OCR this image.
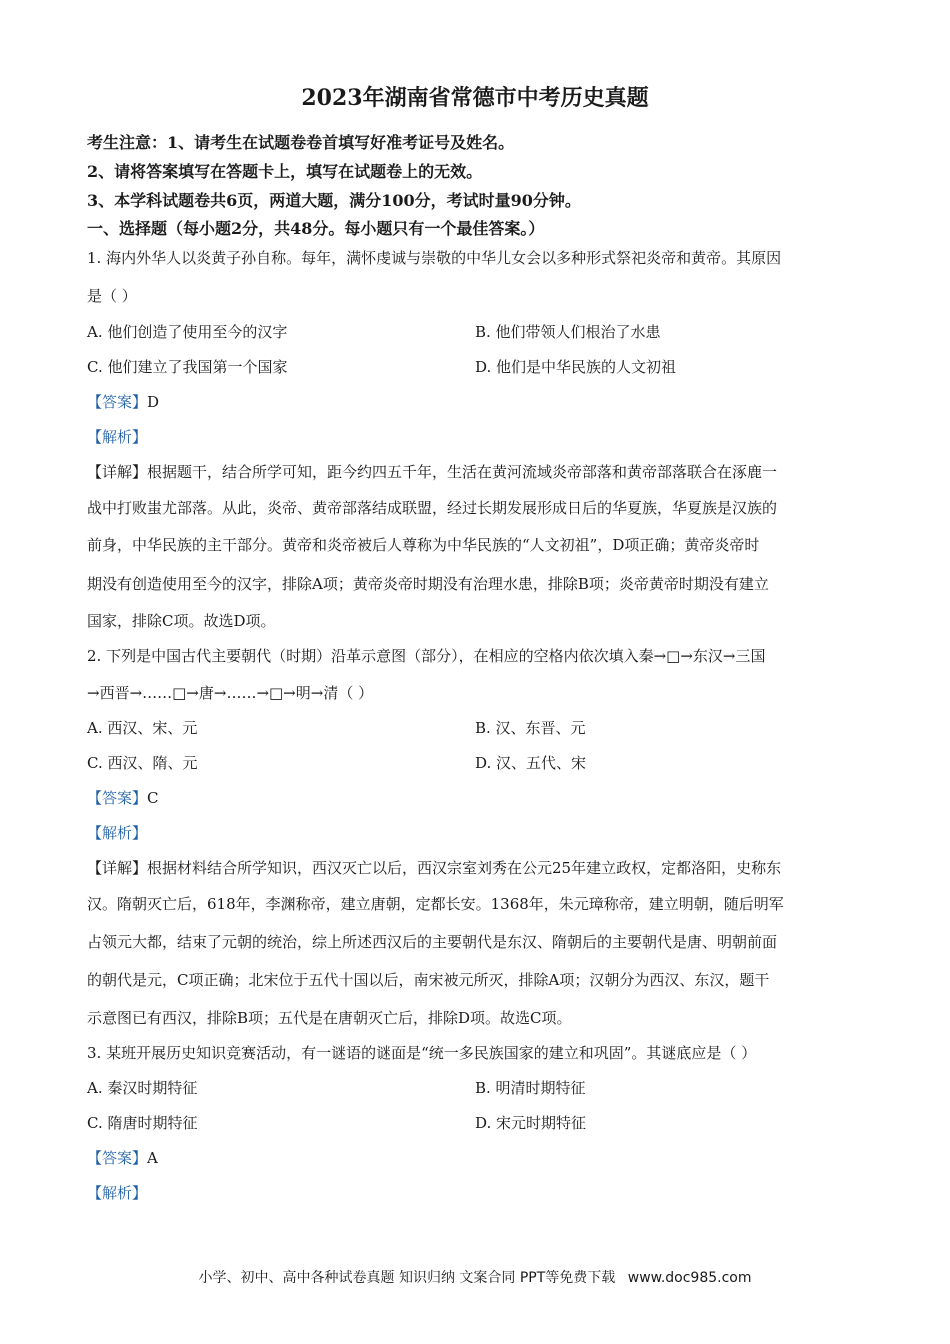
2023年湖南省常德市中考历史真题

考生注意：1、请考生在试题卷卷首填写好准考证号及姓名。

2、请将答案填写在答题卡上，填写在试题卷上的无效。

3、本学科试题卷共6页，两道大题，满分100分，考试时量90分钟。

一、选择题（每小题2分，共48分。每小题只有一个最佳答案。）

1. 海内外华人以炎黄子孙自称。每年，满怀虔诚与崇敬的中华儿女会以多种形式祭祀炎帝和黄帝。其原因

是（ ）

A. 他们创造了使用至今的汉字	B. 他们带领人们根治了水患

C. 他们建立了我国第一个国家	D. 他们是中华民族的人文初祖

【答案】D

【解析】

【详解】根据题干，结合所学可知，距今约四五千年，生活在黄河流域炎帝部落和黄帝部落联合在涿鹿一

战中打败蚩尤部落。从此，炎帝、黄帝部落结成联盟，经过长期发展形成日后的华夏族，华夏族是汉族的

前身，中华民族的主干部分。黄帝和炎帝被后人尊称为中华民族的“人文初祖”，D项正确；黄帝炎帝时

期没有创造使用至今的汉字，排除A项；黄帝炎帝时期没有治理水患，排除B项；炎帝黄帝时期没有建立

国家，排除C项。故选D项。

2. 下列是中国古代主要朝代（时期）沿革示意图（部分），在相应的空格内依次填入秦→□→东汉→三国

→西晋→……□→唐→……→□→明→清（ ）

A. 西汉、宋、元	B. 汉、东晋、元

C. 西汉、隋、元	D. 汉、五代、宋

【答案】C

【解析】

【详解】根据材料结合所学知识，西汉灭亡以后，西汉宗室刘秀在公元25年建立政权，定都洛阳，史称东

汉。隋朝灭亡后，618年，李渊称帝，建立唐朝，定都长安。1368年，朱元璋称帝，建立明朝，随后明军

占领元大都，结束了元朝的统治，综上所述西汉后的主要朝代是东汉、隋朝后的主要朝代是唐、明朝前面

的朝代是元，C项正确；北宋位于五代十国以后，南宋被元所灭，排除A项；汉朝分为西汉、东汉，题干

示意图已有西汉，排除B项；五代是在唐朝灭亡后，排除D项。故选C项。

3. 某班开展历史知识竞赛活动，有一谜语的谜面是“统一多民族国家的建立和巩固”。其谜底应是（ ）

A. 秦汉时期特征	B. 明清时期特征

C. 隋唐时期特征	D. 宋元时期特征

【答案】A

【解析】

小学、初中、高中各种试卷真题 知识归纳 文案合同 PPT等免费下载 www.doc985.com
